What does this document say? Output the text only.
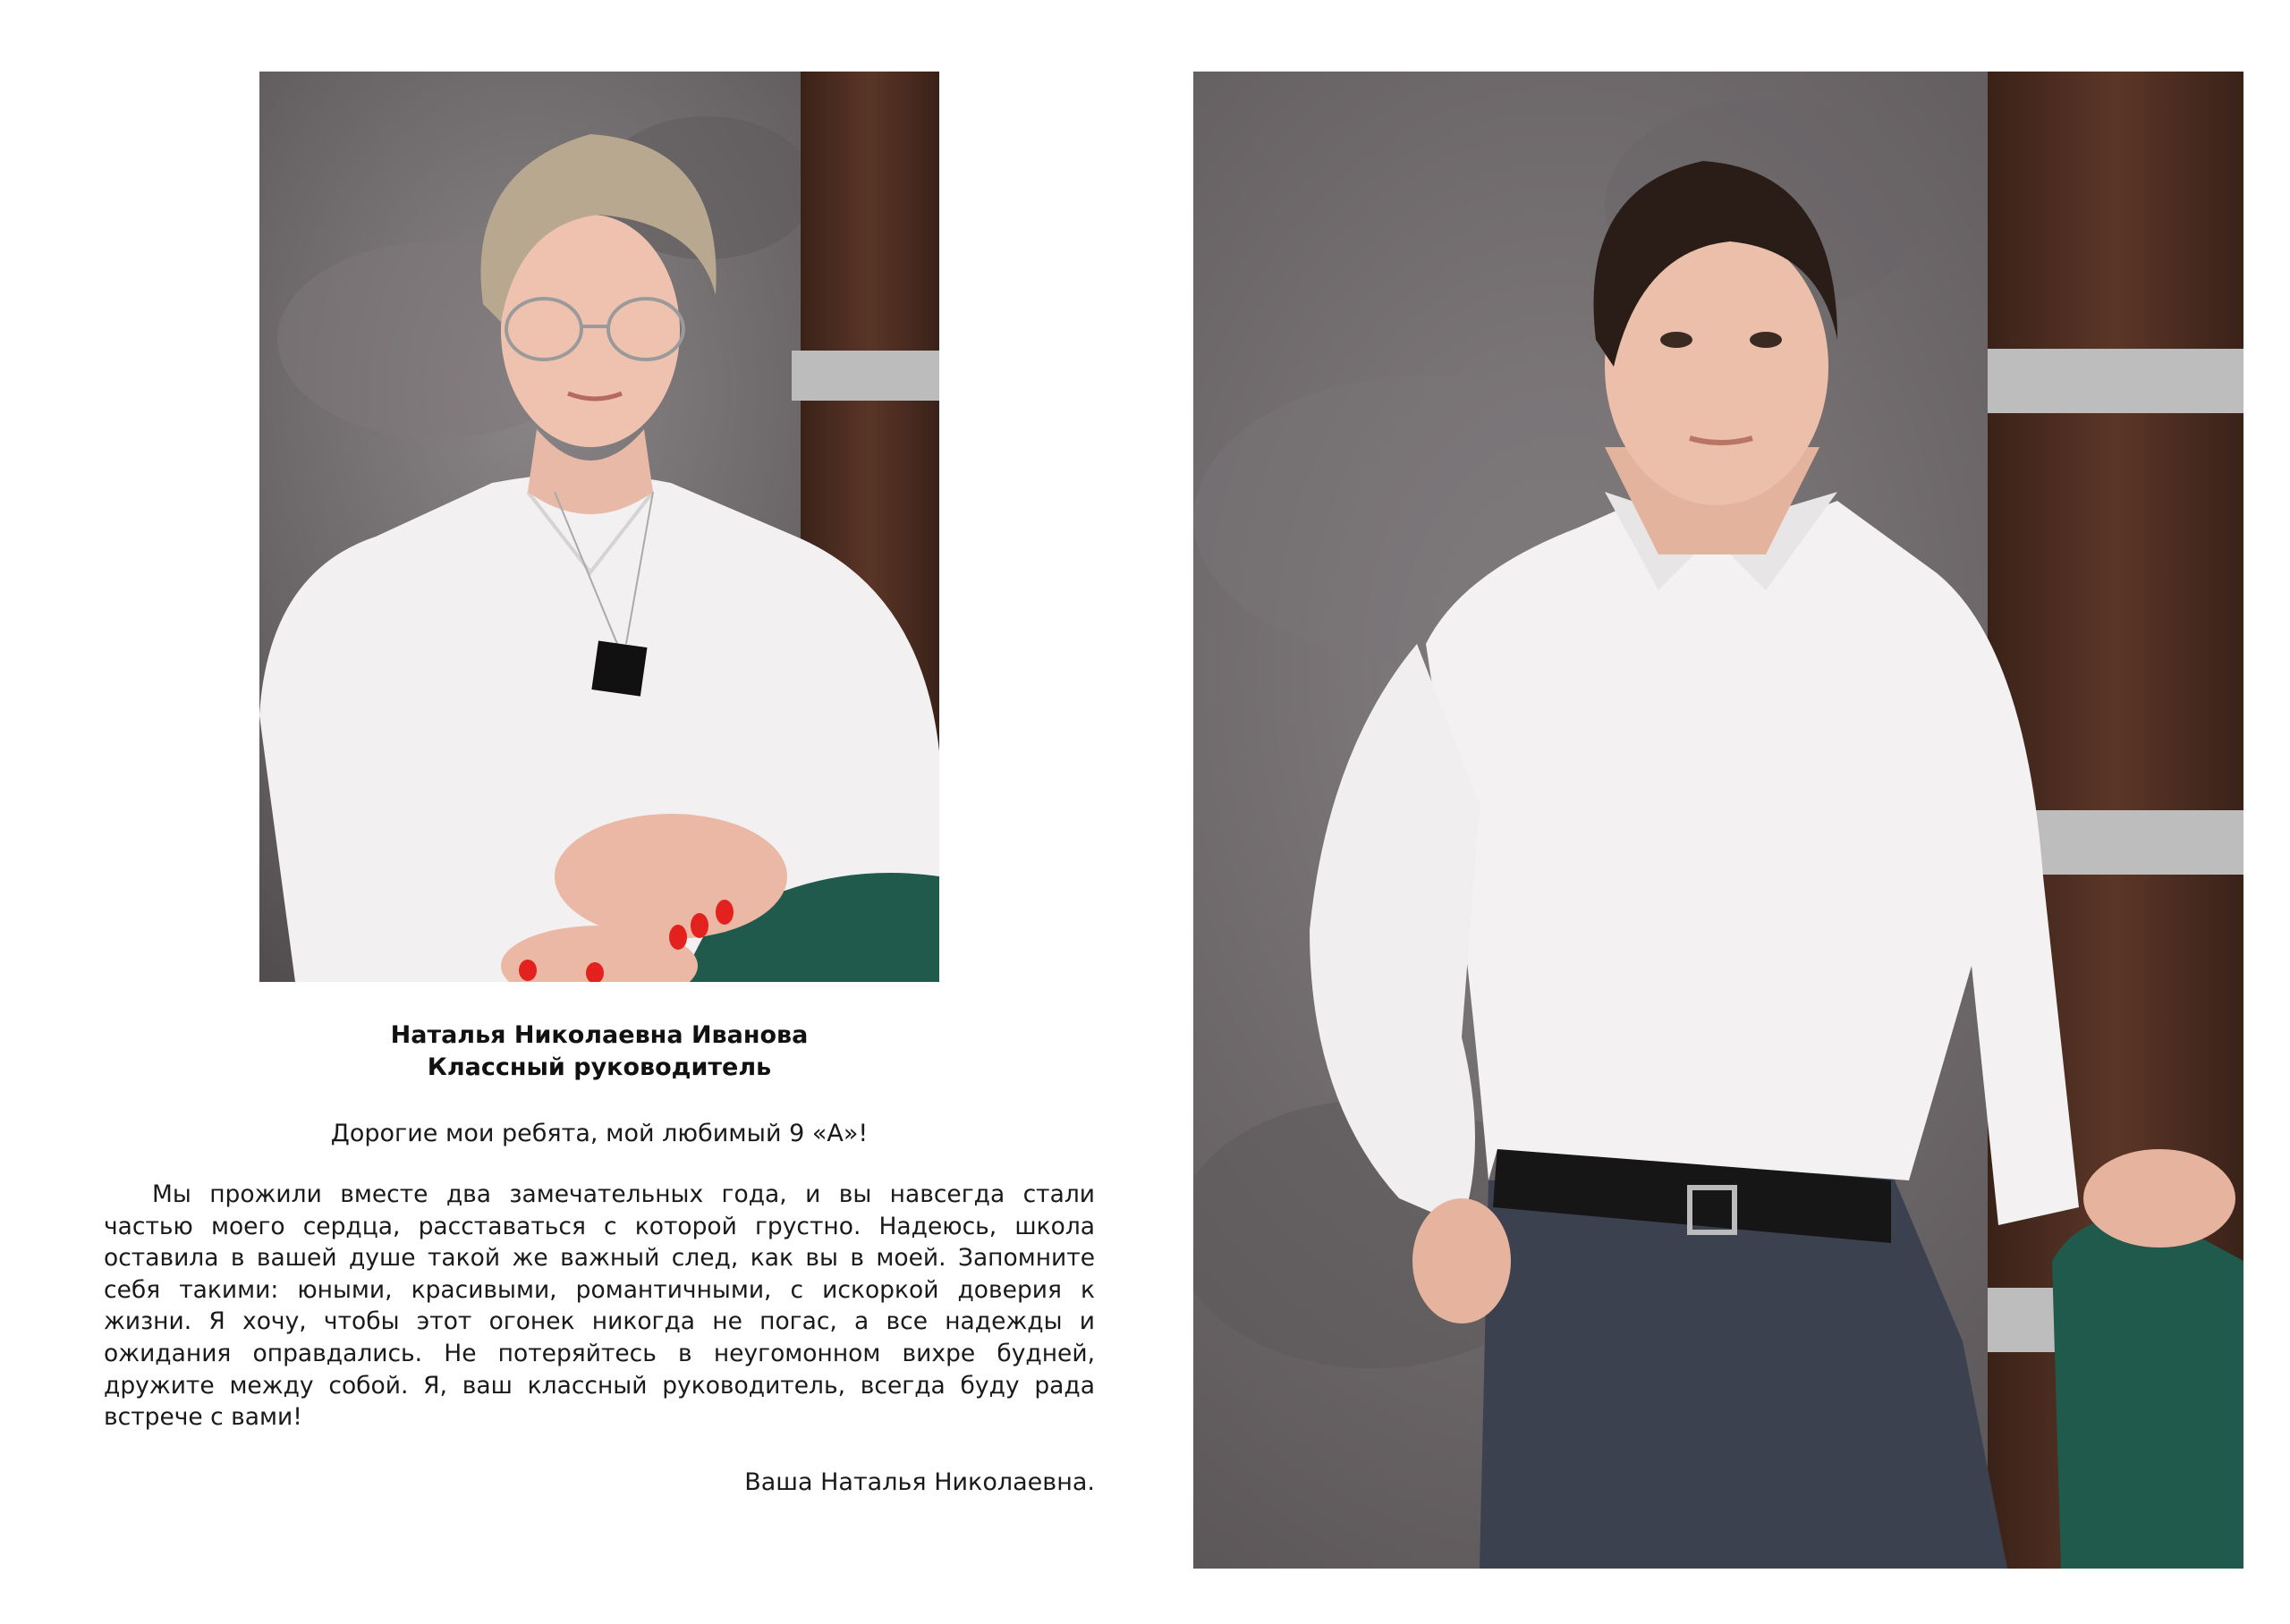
Наталья Николаевна Иванова
Классный руководитель
Дорогие мои ребята, мой любимый 9 «А»!

Мы прожили вместе два замечательных года, и вы навсегда стали частью моего сердца, расставаться с которой грустно. Надеюсь, школа оставила в вашей душе такой же важный след, как вы в моей. Запомните себя такими: юными, красивыми, романтичными, с искоркой доверия к жизни. Я хочу, чтобы этот огонек никогда не погас, а все надежды и ожидания оправдались. Не потеряйтесь в неугомонном вихре будней, дружите между собой. Я, ваш классный руководитель, всегда буду рада встрече с вами!

Ваша Наталья Николаевна.
